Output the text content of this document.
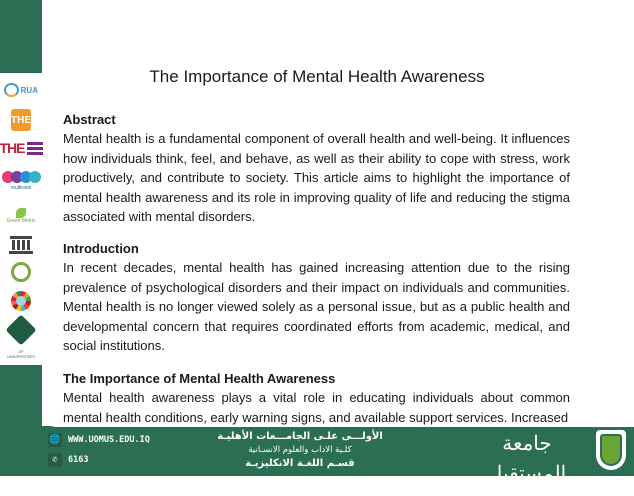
RUA
THE
THE
multirank
Green Metric
OF UNIVERSITIES
The Importance of Mental Health Awareness
Abstract

Mental health is a fundamental component of overall health and well-being. It influences how individuals think, feel, and behave, as well as their ability to cope with stress, work productively, and contribute to society. This article aims to highlight the importance of mental health awareness and its role in improving quality of life and reducing the stigma associated with mental disorders.

Introduction

In recent decades, mental health has gained increasing attention due to the rising prevalence of psychological disorders and their impact on individuals and communities. Mental health is no longer viewed solely as a personal issue, but as a public health and developmental concern that requires coordinated efforts from academic, medical, and social institutions.

The Importance of Mental Health Awareness

Mental health awareness plays a vital role in educating individuals about common mental health conditions, early warning signs, and available support services. Increased

🌐 WWW.UOMUS.EDU.IQ
✆	6163
الأولـــى علـى الجامـــعات الأهليـة
كلـية الاداب والعلوم الانسـانية
قسـم اللغـة الانكليزيـة
جامعة المستقبل
AL-MUSTAQBAL UNIVERSITY
